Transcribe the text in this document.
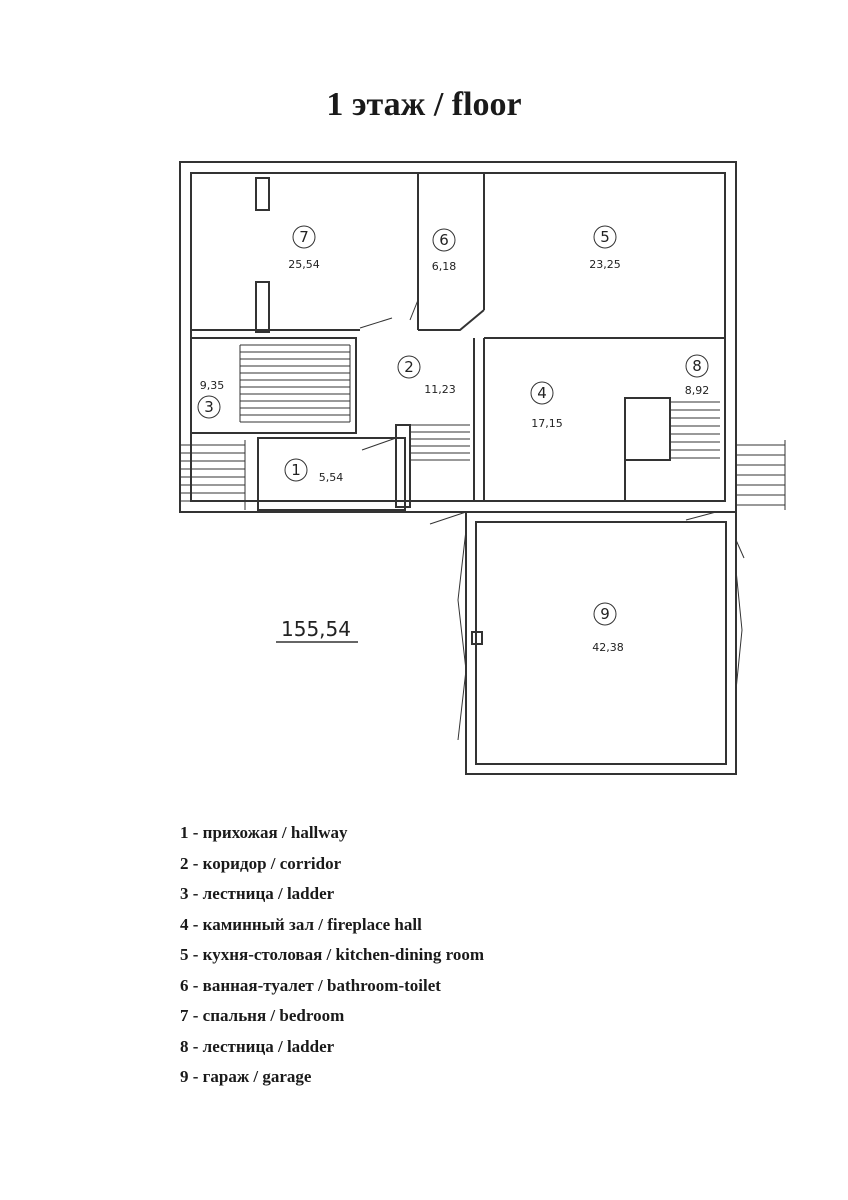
1 этаж / floor
7
25,54
6
6,18
5
23,25
2
11,23
3
9,35	4
17,15
8
8,92
1 5,54
9
42,38
155,54
1 - прихожая / hallway
2 - коридор / corridor
3 - лестница / ladder
4 - каминный зал / fireplace hall
5 - кухня-столовая / kitchen-dining room
6 - ванная-туалет / bathroom-toilet
7 - спальня / bedroom
8 - лестница / ladder
9 - гараж / garage
